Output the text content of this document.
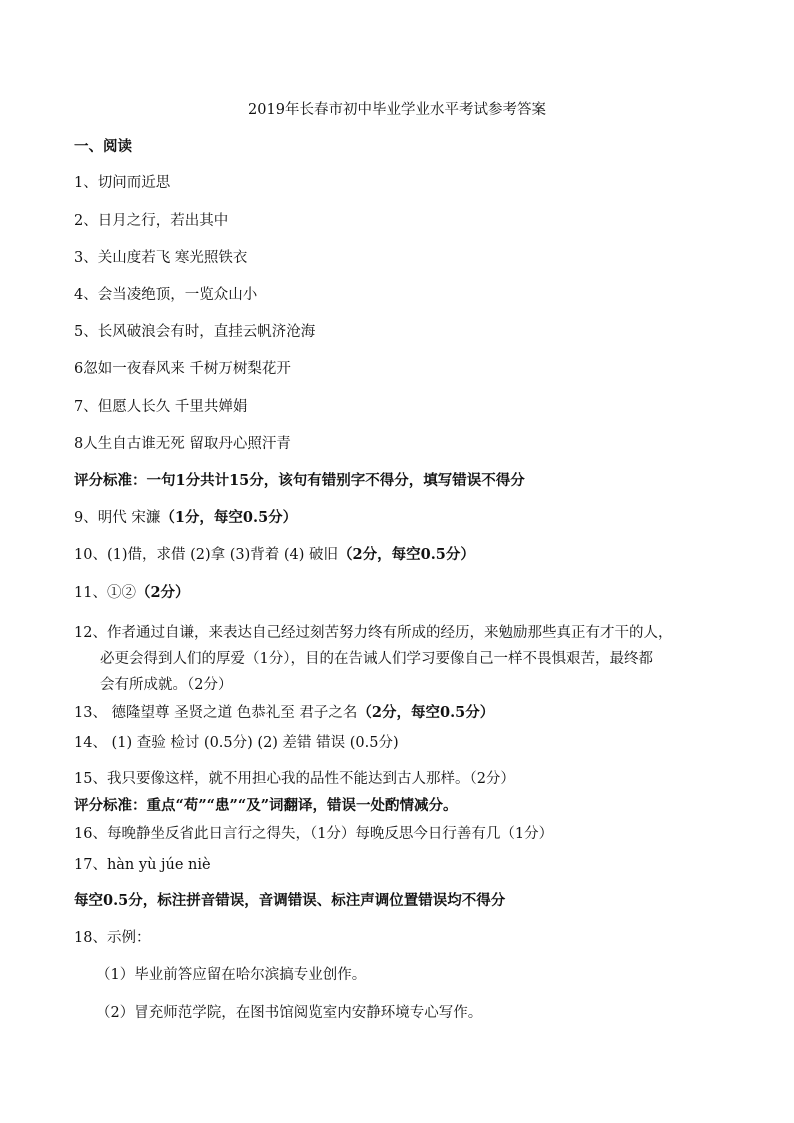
2019年长春市初中毕业学业水平考试参考答案
一、阅读
1、切问而近思
2、日月之行，若出其中
3、关山度若飞 寒光照铁衣
4、会当凌绝顶，一览众山小
5、长风破浪会有时，直挂云帆济沧海
6忽如一夜春风来 千树万树梨花开
7、但愿人长久 千里共婵娟
8人生自古谁无死 留取丹心照汗青
评分标准：一句1分共计15分，该句有错别字不得分，填写错误不得分
9、明代 宋濂（1分，每空0.5分）
10、(1)借，求借 (2)拿 (3)背着 (4) 破旧（2分，每空0.5分）
11、①②（2分）
12、作者通过自谦，来表达自己经过刻苦努力终有所成的经历，来勉励那些真正有才干的人，
必更会得到人们的厚爱（1分），目的在告诫人们学习要像自己一样不畏惧艰苦，最终都
会有所成就。（2分）
13、 德隆望尊 圣贤之道 色恭礼至 君子之名（2分，每空0.5分）
14、 (1) 查验 检讨 (0.5分) (2) 差错 错误 (0.5分)
15、我只要像这样，就不用担心我的品性不能达到古人那样。（2分）
评分标准：重点“苟”“患”“及”词翻译，错误一处酌情减分。
16、每晚静坐反省此日言行之得失，（1分）每晚反思今日行善有几（1分）
17、hàn yù júe niè
每空0.5分，标注拼音错误，音调错误、标注声调位置错误均不得分
18、示例：
（1）毕业前答应留在哈尔滨搞专业创作。
（2）冒充师范学院，在图书馆阅览室内安静环境专心写作。
